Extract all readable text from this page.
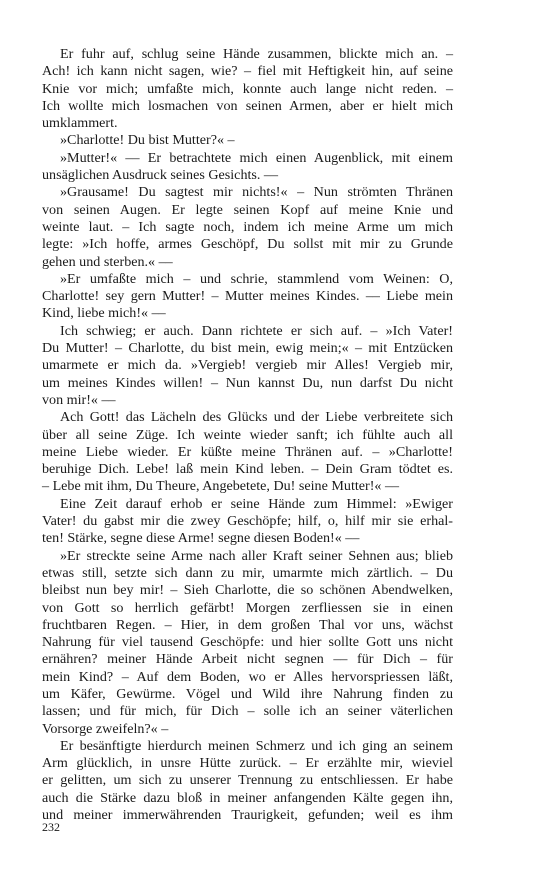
Er fuhr auf, schlug seine Hände zusammen, blickte mich an. –
Ach! ich kann nicht sagen, wie? – fiel mit Heftigkeit hin, auf seine
Knie vor mich; umfaßte mich, konnte auch lange nicht reden. –
Ich wollte mich losmachen von seinen Armen, aber er hielt mich
umklammert.
»Charlotte! Du bist Mutter?« –
»Mutter!« –– Er betrachtete mich einen Augenblick, mit einem
unsäglichen Ausdruck seines Gesichts. ––
»Grausame! Du sagtest mir nichts!« – Nun strömten Thränen
von seinen Augen. Er legte seinen Kopf auf meine Knie und
weinte laut. – Ich sagte noch, indem ich meine Arme um mich
legte: »Ich hoffe, armes Geschöpf, Du sollst mit mir zu Grunde
gehen und sterben.« ––
»Er umfaßte mich – und schrie, stammlend vom Weinen: O,
Charlotte! sey gern Mutter! – Mutter meines Kindes. –– Liebe mein
Kind, liebe mich!« ––
Ich schwieg; er auch. Dann richtete er sich auf. – »Ich Vater!
Du Mutter! – Charlotte, du bist mein, ewig mein;« – mit Entzücken
umarmete er mich da. »Vergieb! vergieb mir Alles! Vergieb mir,
um meines Kindes willen! – Nun kannst Du, nun darfst Du nicht
von mir!« ––
Ach Gott! das Lächeln des Glücks und der Liebe verbreitete sich
über all seine Züge. Ich weinte wieder sanft; ich fühlte auch all
meine Liebe wieder. Er küßte meine Thränen auf. – »Charlotte!
beruhige Dich. Lebe! laß mein Kind leben. – Dein Gram tödtet es.
– Lebe mit ihm, Du Theure, Angebetete, Du! seine Mutter!« ––
Eine Zeit darauf erhob er seine Hände zum Himmel: »Ewiger
Vater! du gabst mir die zwey Geschöpfe; hilf, o, hilf mir sie erhal-
ten! Stärke, segne diese Arme! segne diesen Boden!« ––
»Er streckte seine Arme nach aller Kraft seiner Sehnen aus; blieb
etwas still, setzte sich dann zu mir, umarmte mich zärtlich. – Du
bleibst nun bey mir! – Sieh Charlotte, die so schönen Abendwelken,
von Gott so herrlich gefärbt! Morgen zerfliessen sie in einen
fruchtbaren Regen. – Hier, in dem großen Thal vor uns, wächst
Nahrung für viel tausend Geschöpfe: und hier sollte Gott uns nicht
ernähren? meiner Hände Arbeit nicht segnen –– für Dich – für
mein Kind? – Auf dem Boden, wo er Alles hervorspriessen läßt,
um Käfer, Gewürme. Vögel und Wild ihre Nahrung finden zu
lassen; und für mich, für Dich – solle ich an seiner väterlichen
Vorsorge zweifeln?« –
Er besänftigte hierdurch meinen Schmerz und ich ging an seinem
Arm glücklich, in unsre Hütte zurück. – Er erzählte mir, wieviel
er gelitten, um sich zu unserer Trennung zu entschliessen. Er habe
auch die Stärke dazu bloß in meiner anfangenden Kälte gegen ihn,
und meiner immerwährenden Traurigkeit, gefunden; weil es ihm
232
